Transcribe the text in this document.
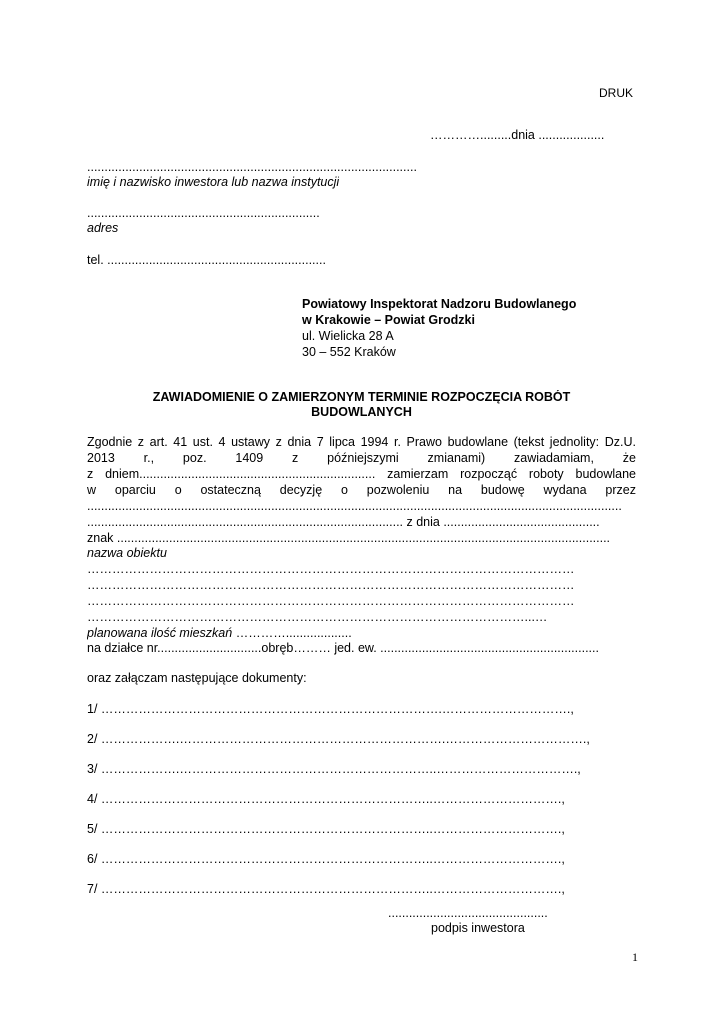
DRUK
………….........dnia ...................
...............................................................................................
imię i nazwisko inwestora lub nazwa instytucji
...................................................................
adres
tel. ...............................................................
Powiatowy Inspektorat Nadzoru Budowlanego
w Krakowie – Powiat Grodzki
ul. Wielicka 28 A
30 – 552 Kraków
ZAWIADOMIENIE O ZAMIERZONYM TERMINIE ROZPOCZĘCIA ROBÓT
BUDOWLANYCH
Zgodnie z art. 41 ust. 4 ustawy z dnia 7 lipca 1994 r. Prawo budowlane (tekst jednolity: Dz.U.
2013 r., poz. 1409 z późniejszymi zmianami) zawiadamiam, że
z dniem.................................................................... zamierzam rozpocząć roboty budowlane
w oparciu o ostateczną decyzję o pozwoleniu na budowę wydana przez
..........................................................................................................................................................
........................................................................................... z dnia .............................................
znak ..............................................................................................................................................
nazwa obiektu
………………………………………………………………………………………………………
………………………………………………………………………………………………………
………………………………………………………………………………………………………
……………………………………………………………………………………………...…
planowana ilość mieszkań …………...................
na działce nr..............................obręb……… jed. ew. ...............................................................
oraz załączam następujące dokumenty:
1/ ……………………………………………………………………….………………………….,
2/ ……………….……………………………………………………….…………………………….,
3/ ……………….……………………………………………………..…………………………….,
4/ ……………………………………………………………………..………………………….,
5/ ……………………………………………………………………..………………………….,
6/ ……………………………………………………………………..………………………….,
7/ ……………………………………………………………………..………………………….,
..............................................
podpis inwestora
1
